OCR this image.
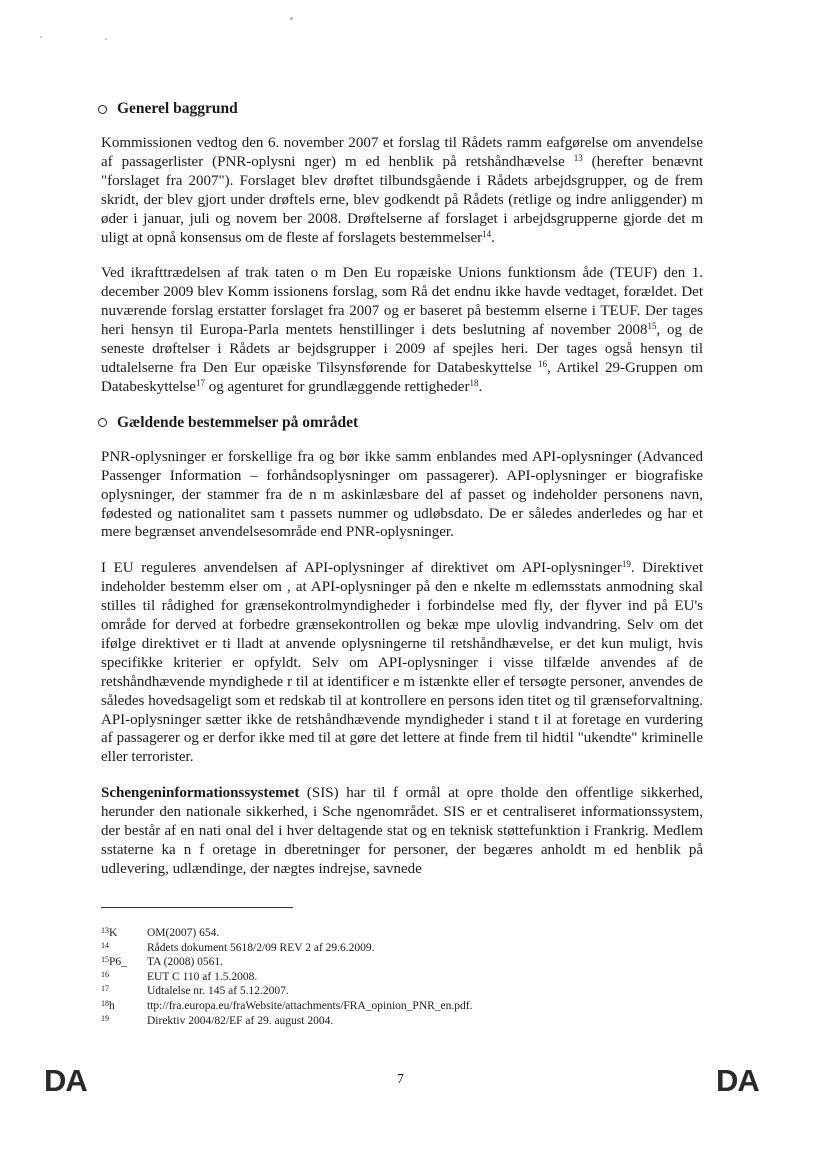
Generel baggrund

Kommissionen vedtog den 6. november 2007 et forslag til Rådets ramm eafgørelse om anvendelse af passagerlister (PNR-oplysni nger) m ed henblik på retshåndhævelse $^{13}$ (herefter benævnt "forslaget fra 2007"). Forslaget blev drøftet tilbundsgående i Rådets arbejdsgrupper, og de frem skridt, der blev gjort under drøftels erne, blev godkendt på Rådets (retlige og indre anliggender) m øder i januar, juli og novem ber 2008. Drøftelserne af forslaget i arbejdsgrupperne gjorde det m uligt at opnå konsensus om de fleste af forslagets bestemmelser$^{14}$.

Ved ikrafttrædelsen af trak taten o m Den Eu ropæiske Unions funktionsm åde (TEUF) den 1. december 2009 blev Komm issionens forslag, som Rå det endnu ikke havde vedtaget, forældet. Det nuværende forslag erstatter forslaget fra 2007 og er baseret på bestemm elserne i TEUF. Der tages heri hensyn til Europa-Parla mentets henstillinger i dets beslutning af november 2008$^{15}$, og de seneste drøftelser i Rådets ar bejdsgrupper i 2009 af spejles heri. Der tages også hensyn til udtalelserne fra Den Eur opæiske Tilsynsførende for Databeskyttelse $^{16}$, Artikel 29-Gruppen om Databeskyttelse$^{17}$ og agenturet for grundlæggende rettigheder$^{18}$.

Gældende bestemmelser på området

PNR-oplysninger er forskellige fra og bør ikke samm enblandes med API-oplysninger (Advanced Passenger Information – forhåndsoplysninger om passagerer). API-oplysninger er biografiske oplysninger, der stammer fra de n m askinlæsbare del af passet og indeholder personens navn, fødested og nationalitet sam t passets nummer og udløbsdato. De er således anderledes og har et mere begrænset anvendelsesområde end PNR-oplysninger.

I EU reguleres anvendelsen af API-oplysninger af direktivet om API-oplysninger$^{19}$. Direktivet indeholder bestemm elser om , at API-oplysninger på den e nkelte m edlemsstats anmodning skal stilles til rådighed for grænsekontrolmyndigheder i forbindelse med fly, der flyver ind på EU's område for derved at forbedre grænsekontrollen og bekæ mpe ulovlig indvandring. Selv om det ifølge direktivet er ti lladt at anvende oplysningerne til retshåndhævelse, er det kun muligt, hvis specifikke kriterier er opfyldt. Selv om API-oplysninger i visse tilfælde anvendes af de retshåndhævende myndighede r til at identificer e m istænkte eller ef tersøgte personer, anvendes de således hovedsageligt som et redskab til at kontrollere en persons iden titet og til grænseforvaltning. API-oplysninger sætter ikke de retshåndhævende myndigheder i stand t il at foretage en vurdering af passagerer og er derfor ikke med til at gøre det lettere at finde frem til hidtil "ukendte" kriminelle eller terrorister.

Schengeninformationssystemet (SIS) har til f ormål at opre tholde den offentlige sikkerhed, herunder den nationale sikkerhed, i Sche ngenområdet. SIS er et centraliseret informationssystem, der består af en nati onal del i hver deltagende stat og en teknisk støttefunktion i Frankrig. Medlem sstaterne ka n f oretage in dberetninger for personer, der begæres anholdt m ed henblik på udlevering, udlændinge, der nægtes indrejse, savnede

$^{13}$K	OM(2007) 654.
$^{14}$	Rådets dokument 5618/2/09 REV 2 af 29.6.2009.
$^{15}$P6_	TA (2008) 0561.
$^{16}$	EUT C 110 af 1.5.2008.
$^{17}$	Udtalelse nr. 145 af 5.12.2007.
$^{18}$h	ttp://fra.europa.eu/fraWebsite/attachments/FRA_opinion_PNR_en.pdf.
$^{19}$	Direktiv 2004/82/EF af 29. august 2004.
DA	7	DA
